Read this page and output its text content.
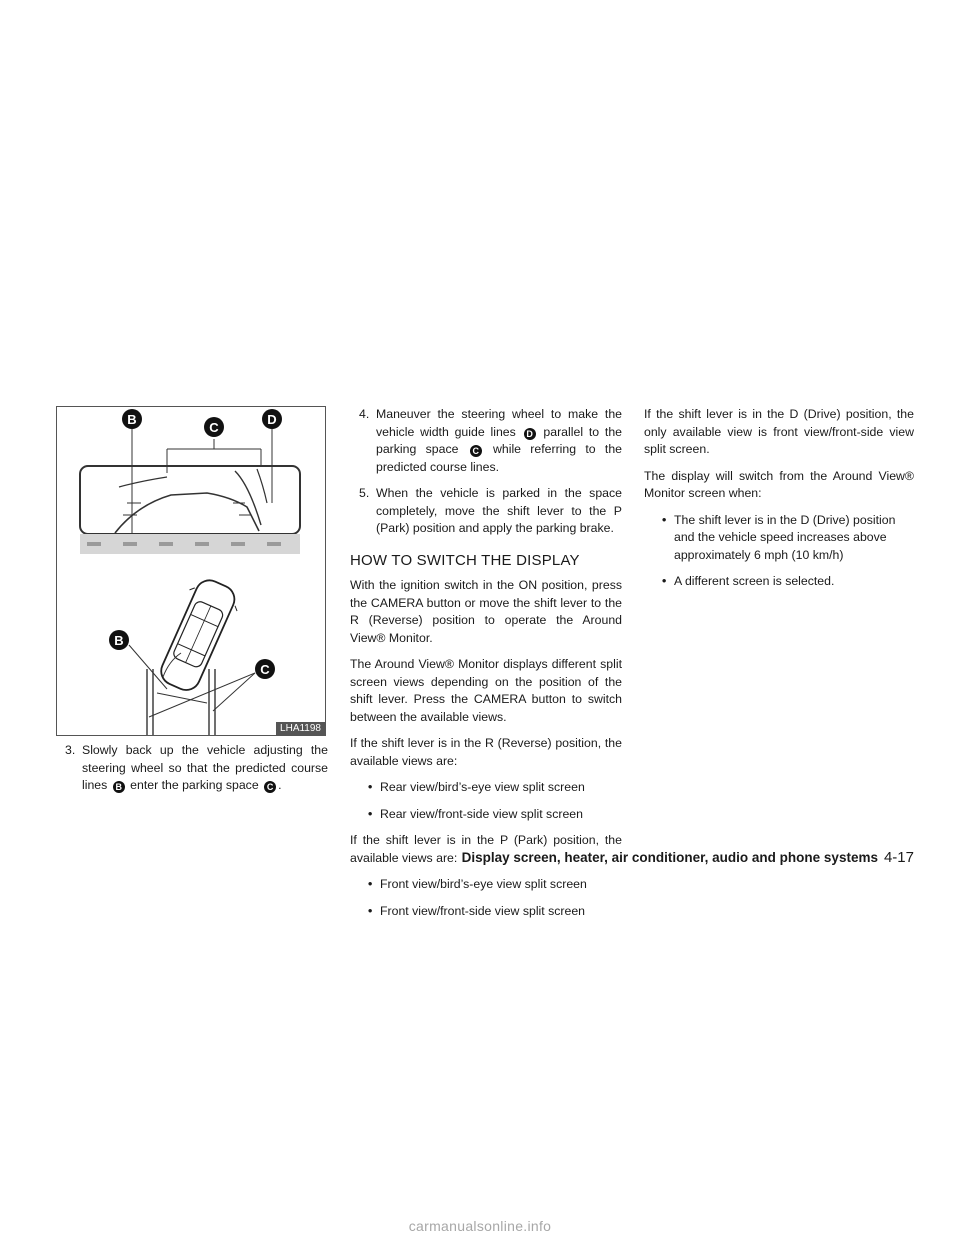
B
C
D
B
C
LHA1198
3. Slowly back up the vehicle adjusting the steering wheel so that the predicted course lines B enter the parking space C .
4. Maneuver the steering wheel to make the vehicle width guide lines D parallel to the parking space C while referring to the predicted course lines.
5. When the vehicle is parked in the space completely, move the shift lever to the P (Park) position and apply the parking brake.
HOW TO SWITCH THE DISPLAY

With the ignition switch in the ON position, press the CAMERA button or move the shift lever to the R (Reverse) position to operate the Around View® Monitor.

The Around View® Monitor displays different split screen views depending on the position of the shift lever. Press the CAMERA button to switch between the available views.

If the shift lever is in the R (Reverse) position, the available views are:

• Rear view/bird’s-eye view split screen
• Rear view/front-side view split screen

If the shift lever is in the P (Park) position, the available views are:

• Front view/bird’s-eye view split screen
• Front view/front-side view split screen

If the shift lever is in the D (Drive) position, the only available view is front view/front-side view split screen.

The display will switch from the Around View® Monitor screen when:

• The shift lever is in the D (Drive) position and the vehicle speed increases above approximately 6 mph (10 km/h)
• A different screen is selected.
Display screen, heater, air conditioner, audio and phone systems 4-17
carmanualsonline.info
